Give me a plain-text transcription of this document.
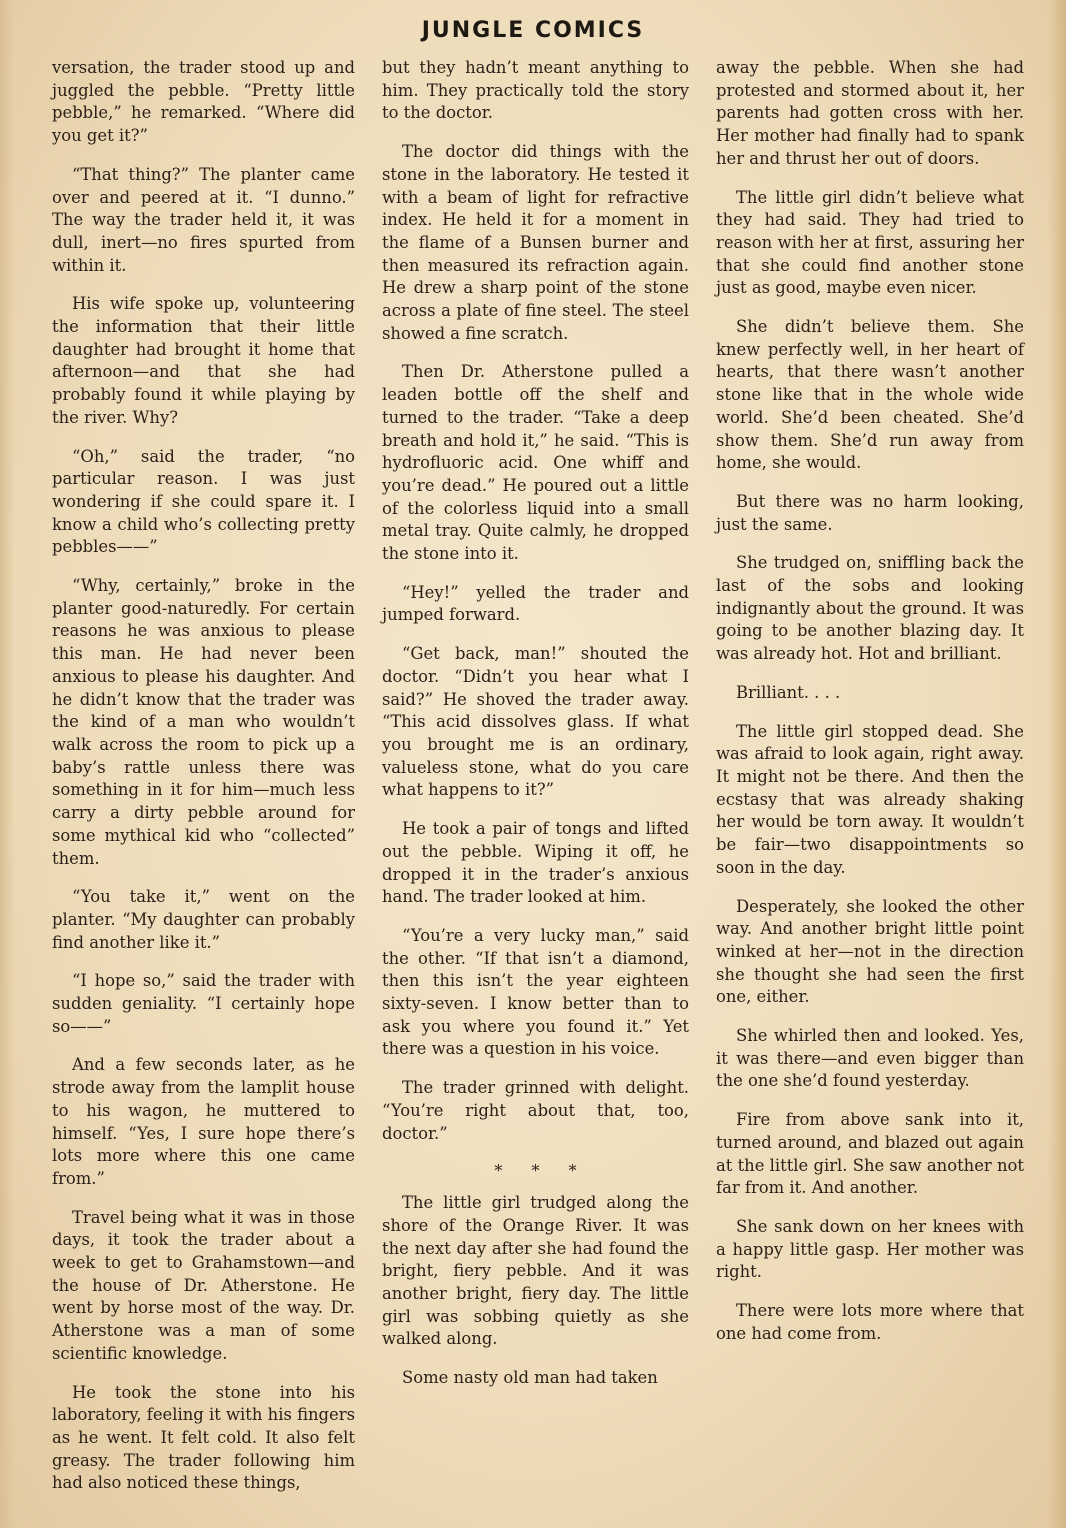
JUNGLE COMICS

versation, the trader stood up and juggled the pebble. “Pretty little pebble,” he remarked. “Where did you get it?”

“That thing?” The planter came over and peered at it. “I dunno.” The way the trader held it, it was dull, inert—no fires spurted from within it.

His wife spoke up, volunteering the information that their little daughter had brought it home that afternoon—and that she had probably found it while playing by the river. Why?

“Oh,” said the trader, “no particular reason. I was just wondering if she could spare it. I know a child who’s collecting pretty pebbles——”

“Why, certainly,” broke in the planter good-naturedly. For certain reasons he was anxious to please this man. He had never been anxious to please his daughter. And he didn’t know that the trader was the kind of a man who wouldn’t walk across the room to pick up a baby’s rattle unless there was something in it for him—much less carry a dirty pebble around for some mythical kid who “collected” them.

“You take it,” went on the planter. “My daughter can probably find another like it.”

“I hope so,” said the trader with sudden geniality. “I certainly hope so——”

And a few seconds later, as he strode away from the lamplit house to his wagon, he muttered to himself. “Yes, I sure hope there’s lots more where this one came from.”

Travel being what it was in those days, it took the trader about a week to get to Grahamstown—and the house of Dr. Atherstone. He went by horse most of the way. Dr. Atherstone was a man of some scientific knowledge.

He took the stone into his laboratory, feeling it with his fingers as he went. It felt cold. It also felt greasy. The trader following him had also noticed these things,

but they hadn’t meant anything to him. They practically told the story to the doctor.

The doctor did things with the stone in the laboratory. He tested it with a beam of light for refractive index. He held it for a moment in the flame of a Bunsen burner and then measured its refraction again. He drew a sharp point of the stone across a plate of fine steel. The steel showed a fine scratch.

Then Dr. Atherstone pulled a leaden bottle off the shelf and turned to the trader. “Take a deep breath and hold it,” he said. “This is hydrofluoric acid. One whiff and you’re dead.” He poured out a little of the colorless liquid into a small metal tray. Quite calmly, he dropped the stone into it.

“Hey!” yelled the trader and jumped forward.

“Get back, man!” shouted the doctor. “Didn’t you hear what I said?” He shoved the trader away. “This acid dissolves glass. If what you brought me is an ordinary, valueless stone, what do you care what happens to it?”

He took a pair of tongs and lifted out the pebble. Wiping it off, he dropped it in the trader’s anxious hand. The trader looked at him.

“You’re a very lucky man,” said the other. “If that isn’t a diamond, then this isn’t the year eighteen sixty-seven. I know better than to ask you where you found it.” Yet there was a question in his voice.

The trader grinned with delight. “You’re right about that, too, doctor.”

* * *

The little girl trudged along the shore of the Orange River. It was the next day after she had found the bright, fiery pebble. And it was another bright, fiery day. The little girl was sobbing quietly as she walked along.

Some nasty old man had taken

away the pebble. When she had protested and stormed about it, her parents had gotten cross with her. Her mother had finally had to spank her and thrust her out of doors.

The little girl didn’t believe what they had said. They had tried to reason with her at first, assuring her that she could find another stone just as good, maybe even nicer.

She didn’t believe them. She knew perfectly well, in her heart of hearts, that there wasn’t another stone like that in the whole wide world. She’d been cheated. She’d show them. She’d run away from home, she would.

But there was no harm looking, just the same.

She trudged on, sniffling back the last of the sobs and looking indignantly about the ground. It was going to be another blazing day. It was already hot. Hot and brilliant.

Brilliant. . . .

The little girl stopped dead. She was afraid to look again, right away. It might not be there. And then the ecstasy that was already shaking her would be torn away. It wouldn’t be fair—two disappointments so soon in the day.

Desperately, she looked the other way. And another bright little point winked at her—not in the direction she thought she had seen the first one, either.

She whirled then and looked. Yes, it was there—and even bigger than the one she’d found yesterday.

Fire from above sank into it, turned around, and blazed out again at the little girl. She saw another not far from it. And another.

She sank down on her knees with a happy little gasp. Her mother was right.

There were lots more where that one had come from.
